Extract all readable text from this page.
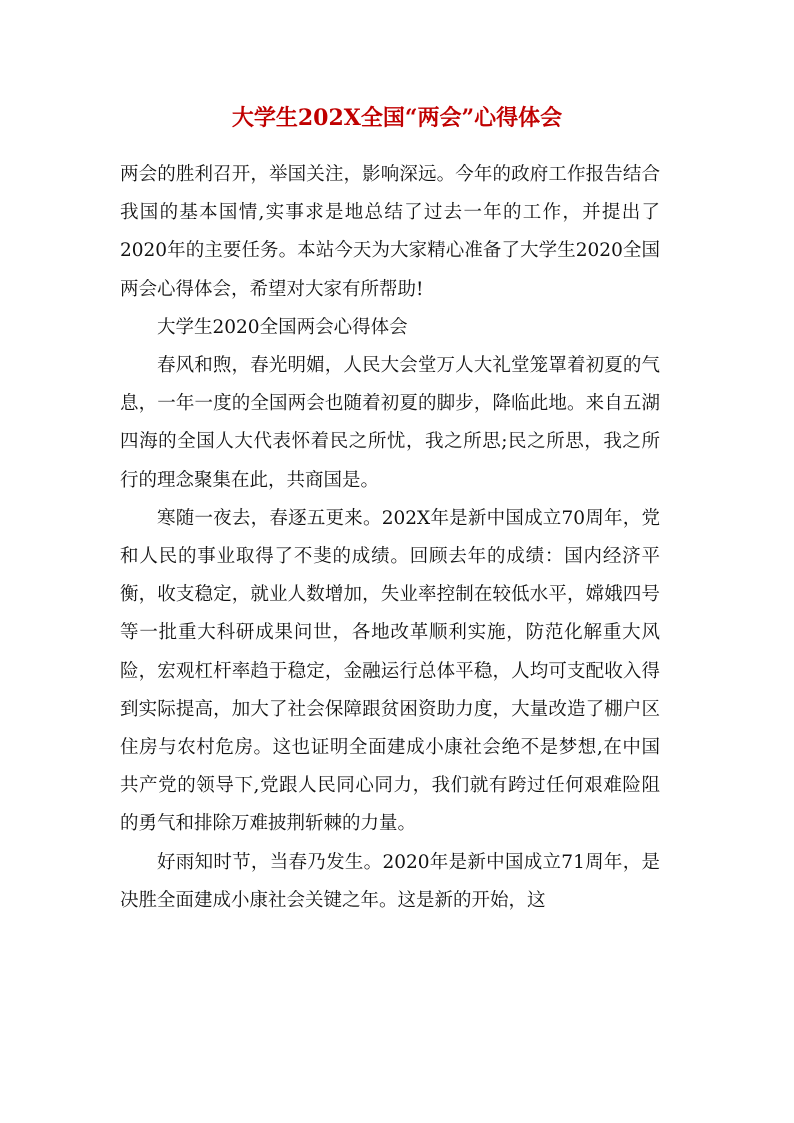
大学生202X全国“两会”心得体会

两会的胜利召开，举国关注，影响深远。今年的政府工作报告结合我国的基本国情,实事求是地总结了过去一年的工作，并提出了2020年的主要任务。本站今天为大家精心准备了大学生2020全国两会心得体会，希望对大家有所帮助!

大学生2020全国两会心得体会

春风和煦，春光明媚，人民大会堂万人大礼堂笼罩着初夏的气息，一年一度的全国两会也随着初夏的脚步，降临此地。来自五湖四海的全国人大代表怀着民之所忧，我之所思;民之所思，我之所行的理念聚集在此，共商国是。

寒随一夜去，春逐五更来。202X年是新中国成立70周年，党和人民的事业取得了不斐的成绩。回顾去年的成绩：国内经济平衡，收支稳定，就业人数增加，失业率控制在较低水平，嫦娥四号等一批重大科研成果问世，各地改革顺利实施，防范化解重大风险，宏观杠杆率趋于稳定，金融运行总体平稳，人均可支配收入得到实际提高，加大了社会保障跟贫困资助力度，大量改造了棚户区住房与农村危房。这也证明全面建成小康社会绝不是梦想,在中国共产党的领导下,党跟人民同心同力，我们就有跨过任何艰难险阻的勇气和排除万难披荆斩棘的力量。

好雨知时节，当春乃发生。2020年是新中国成立71周年，是决胜全面建成小康社会关键之年。这是新的开始，这
